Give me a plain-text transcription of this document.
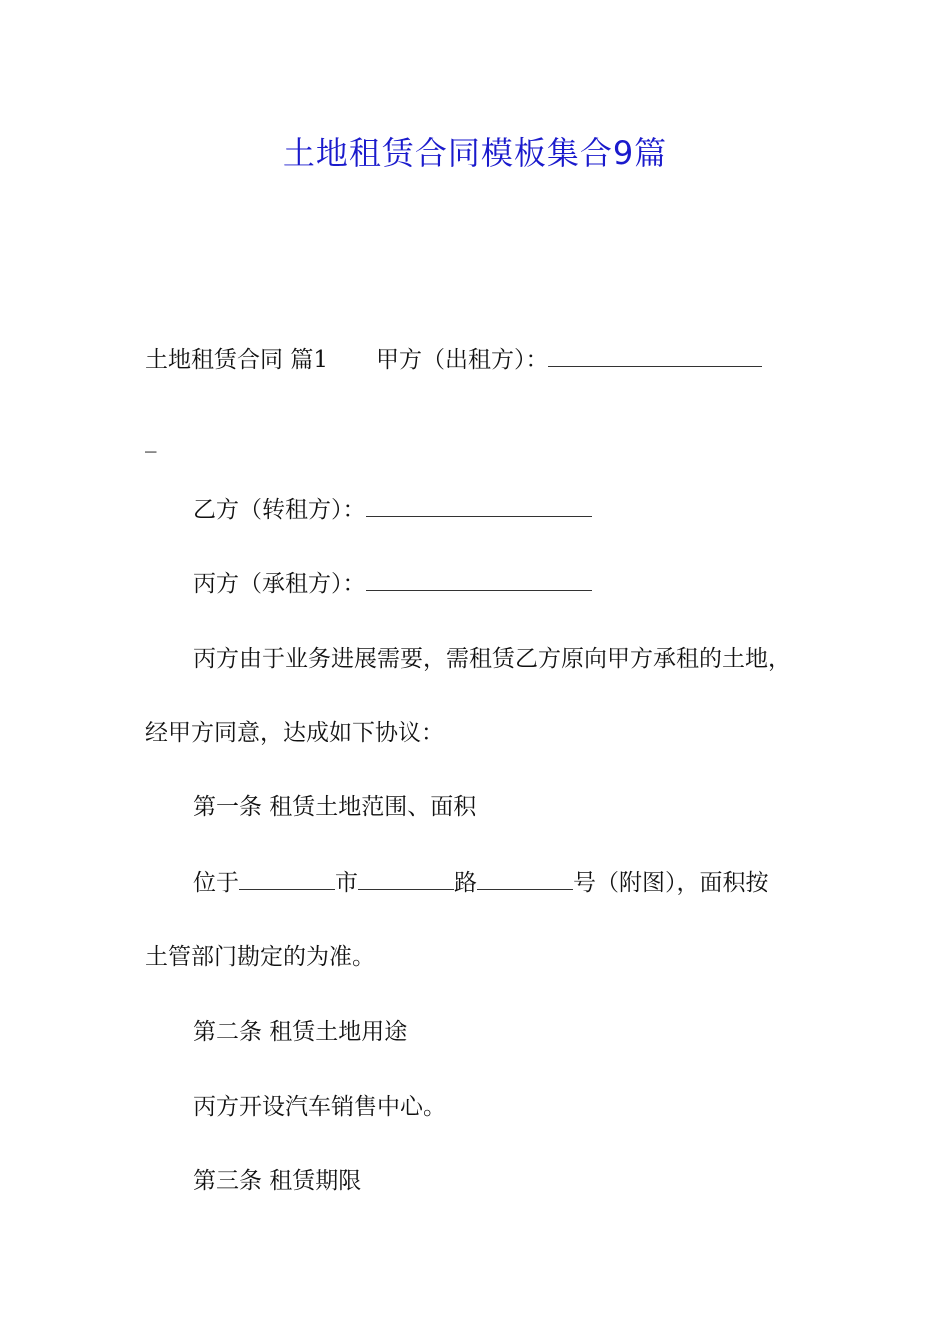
土地租赁合同模板集合9篇

土地租赁合同 篇1 甲方（出租方）：

_

乙方（转租方）：

丙方（承租方）：

丙方由于业务进展需要，需租赁乙方原向甲方承租的土地，

经甲方同意，达成如下协议：

第一条 租赁土地范围、面积

位于	市	路	号（附图），面积按

土管部门勘定的为准。

第二条 租赁土地用途

丙方开设汽车销售中心。

第三条 租赁期限
